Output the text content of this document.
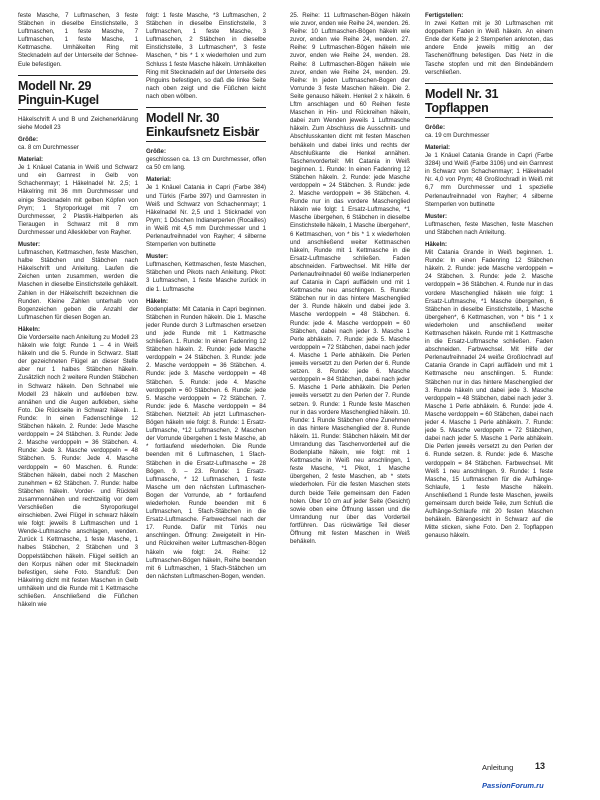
feste Masche, 7 Luftmaschen, 3 feste Stäbchen in dieselbe Einstichstelle, 3 Luftmaschen, 1 feste Masche, 7 Luftmaschen, 1 feste Masche, 1 Kettmasche. Umhäkelten Ring mit Stecknadeln auf der Unterseite der Schnee-Eule befestigen.

Modell Nr. 29
Pinguin-Kugel

Häkelschrift A und B und Zeichenerklärung siehe Modell 23

Größe:

ca. 8 cm Durchmesser

Material:

Je 1 Knäuel Catania in Weiß und Schwarz und ein Garnrest in Gelb von Schachenmayr; 1 Häkelnadel Nr. 2,5; 1 Häkelring mit 36 mm Durchmesser und einige Stecknadeln mit gelben Köpfen von Prym; 1 Styroporkugel mit 7 cm Durchmesser, 2 Plastik-Halbperlen als Tieraugen in Schwarz mit 8 mm Durchmesser und Alleskleber von Rayher.

Muster:

Luftmaschen, Kettmaschen, feste Maschen, halbe Stäbchen und Stäbchen nach Häkelschrift und Anleitung. Laufen die Zeichen unten zusammen, werden die Maschen in dieselbe Einstichstelle gehäkelt. Zahlen in der Häkelschrift bezeichnen die Runden. Kleine Zahlen unterhalb von Bogenzeichen geben die Anzahl der Luftmaschen für diesen Bogen an.

Häkeln:

Die Vorderseite nach Anleitung zu Modell 23 häkeln wie folgt: Runde 1 – 4 in Weiß häkeln und die 5. Runde in Schwarz. Statt der gezeichneten Flügel an dieser Stelle aber nur 1 halbes Stäbchen häkeln. Zusätzlich noch 2 weitere Runden Stäbchen in Schwarz häkeln. Den Schnabel wie Modell 23 häkeln und aufkleben bzw. annähen und die Augen aufkleben, siehe Foto. Die Rückseite in Schwarz häkeln. 1. Runde: In einen Fadenschlinge 12 Stäbchen häkeln. 2. Runde: Jede Masche verdoppeln = 24 Stäbchen. 3. Runde: Jede 2. Masche verdoppeln = 36 Stäbchen. 4. Runde: Jede 3. Masche verdoppeln = 48 Stäbchen. 5. Runde: Jede 4. Masche verdoppeln = 60 Maschen. 6. Runde: Stäbchen häkeln, dabei noch 2 Maschen zunehmen = 62 Stäbchen. 7. Runde: halbe Stäbchen häkeln. Vorder- und Rückteil zusammennähen und rechtzeitig vor dem Verschließen die Styroporkugel einschieben. Zwei Flügel in schwarz häkeln wie folgt: jeweils 8 Luftmaschen und 1 Wende-Luftmasche anschlagen, wenden. Zurück 1 Kettmasche, 1 feste Masche, 1 halbes Stäbchen, 2 Stäbchen und 3 Doppelstäbchen häkeln. Flügel seitlich an den Korpus nähen oder mit Stecknadeln befestigen, siehe Foto. Standfuß: Den Häkelring dicht mit festen Maschen in Gelb umhäkeln und die Runde mit 1 Kettmasche schließen. Anschließend die Füßchen häkeln wie

folgt: 1 feste Masche, *3 Luftmaschen, 2 Stäbchen in dieselbe Einstichstelle, 3 Luftmaschen, 1 feste Masche, 3 Luftmaschen, 2 Stäbchen in dieselbe Einstichstelle, 3 Luftmaschen*, 3 feste Maschen, * bis * 1 x wiederholen und zum Schluss 1 feste Masche häkeln. Umhäkelten Ring mit Stecknadeln auf der Unterseite des Pinguins befestigen, so daß die linke Seite nach oben zeigt und die Füßchen leicht nach oben wölben.

Modell Nr. 30
Einkaufsnetz Eisbär
Größe:

geschlossen ca. 13 cm Durchmesser, offen ca 50 cm lang.

Material:

Je 1 Knäuel Catania in Capri (Farbe 384) und Türkis (Farbe 397) und Garnresten in Weiß und Schwarz von Schachenmayr; 1 Häkelnadel Nr. 2,5 und 1 Sticknadel von Prym; 1 Döschen Indianerperlen (Rocailles) in Weiß mit 4,5 mm Durchmesser und 1 Perlenaufreihnadel von Rayher; 4 silberne Sternperlen von buttinette

Muster:

Luftmaschen, Kettmaschen, feste Maschen, Stäbchen und Pikots nach Anleitung. Pikot: 3 Luftmaschen, 1 feste Masche zurück in die 1. Luftmasche

Häkeln:

Bodenplatte: Mit Catania in Capri beginnen. Stäbchen in Runden häkeln. Die 1. Masche jeder Runde durch 3 Luftmaschen ersetzen und jede Runde mit 1 Kettmasche schließen. 1. Runde: In einen Fadenring 12 Stäbchen häkeln. 2. Runde: jede Masche verdoppeln = 24 Stäbchen. 3. Runde: jede 2. Masche verdoppeln = 36 Stäbchen. 4. Runde: jede 3. Masche verdoppeln = 48 Stäbchen. 5. Runde: jede 4. Masche verdoppeln = 60 Stäbchen. 6. Runde: jede 5. Masche verdoppeln = 72 Stäbchen. 7. Runde: jede 6. Masche verdoppeln = 84 Stäbchen. Netzteil: Ab jetzt Luftmaschen-Bögen häkeln wie folgt: 8. Runde: 1 Ersatz-Luftmasche, *12 Luftmaschen, 2 Maschen der Vorrunde übergehen 1 feste Masche, ab * fortlaufend wiederholen. Die Runde beenden mit 6 Luftmaschen, 1 5fach-Stäbchen in die Ersatz-Luftmasche = 28 Bögen. 9. – 23. Runde: 1 Ersatz-Luftmasche, * 12 Luftmaschen, 1 feste Masche um den nächsten Luftmaschen-Bogen der Vorrunde, ab * fortlaufend wiederholen. Runde beenden mit 6 Luftmaschen, 1 5fach-Stäbchen in die Ersatz-Luftmasche. Farbwechsel nach der 17. Runde. Dafür mit Türkis neu anschlingen. Öffnung: Zweigeteilt in Hin- und Rückreihen weiter Luftmaschen-Bögen häkeln wie folgt: 24. Reihe: 12 Luftmaschen-Bögen häkeln, Reihe beenden mit 6 Luftmaschen, 1 5fach-Stäbchen um den nächsten Luftmaschen-Bogen, wenden.

25. Reihe: 11 Luftmaschen-Bögen häkeln wie zuvor, enden wie Reihe 24, wenden. 26. Reihe: 10 Luftmaschen-Bögen häkeln wie zuvor, enden wie Reihe 24, wenden. 27. Reihe: 9 Luftmaschen-Bögen häkeln wie zuvor, enden wie Reihe 24, wenden. 28. Reihe: 8 Luftmaschen-Bögen häkeln wie zuvor, enden wie Reihe 24, wenden. 29. Reihe: In jeden Luftmaschen-Bogen der Vorrunde 3 feste Maschen häkeln. Die 2. Seite genauso häkeln. Henkel 2 x häkeln. 6 Lftm anschlagen und 60 Reihen feste Maschen in Hin- und Rückreihen häkeln, dabei zum Wenden jeweils 1 Luftmasche häkeln. Zum Abschluss die Ausschnitt- und Abschlusskanten dicht mit festen Maschen behäkeln und dabei links und rechts der Abschlußkante die Henkel annähen. Taschenvorderteil: Mit Catania in Weiß beginnen. 1. Runde: In einen Fadenring 12 Stäbchen häkeln. 2. Runde: jede Masche verdoppeln = 24 Stäbchen. 3. Runde: jede 2. Masche verdoppeln = 36 Stäbchen. 4. Runde nur in das vordere Maschenglied häkeln wie folgt: 1 Ersatz-Luftmasche, *1 Masche übergehen, 6 Stäbchen in dieselbe Einstichstelle häkeln, 1 Masche übergehen*, 6 Kettmaschen, von * bis * 1 x wiederholen und anschließend weiter Kettmaschen häkeln, Runde mit 1 Kettmasche in die Ersatz-Luftmasche schließen. Faden abschneiden. Farbwechsel. Mit Hilfe der Perlenaufreihnadel 60 weiße Indianerperlen auf Catania in Capri auffädeln und mit 1 Kettmasche neu anschlingen. 5. Runde: Stäbchen nur in das hintere Maschenglied der 3. Runde häkeln und dabei jede 3. Masche verdoppeln = 48 Stäbchen. 6. Runde: jede 4. Masche verdoppeln = 60 Stäbchen, dabei nach jeder 3. Masche 1 Perle abhäkeln. 7. Runde: jede 5. Masche verdoppeln = 72 Stäbchen, dabei nach jeder 4. Masche 1 Perle abhäkeln. Die Perlen jeweils versetzt zu den Perlen der 6. Runde setzen. 8. Runde: jede 6. Masche verdoppeln = 84 Stäbchen, dabei nach jeder 5. Masche 1 Perle abhäkeln. Die Perlen jeweils versetzt zu den Perlen der 7. Runde setzen. 9. Runde: 1 Runde feste Maschen nur in das vordere Maschenglied häkeln. 10. Runde: 1 Runde Stäbchen ohne Zunehmen in das hintere Maschenglied der 8. Runde häkeln. 11. Runde: Stäbchen häkeln. Mit der Umrandung das Taschenvorderteil auf die Bodenplatte häkeln, wie folgt: mit 1 Kettmasche in Weiß neu anschlingen, 1 feste Masche, *1 Pikot, 1 Masche übergehen, 2 feste Maschen, ab * stets wiederholen. Für die festen Maschen stets durch beide Teile gemeinsam den Faden holen. Über 10 cm auf jeder Seite (Gesicht) sowie oben eine Öffnung lassen und die Umrandung nur über das Vorderteil fortführen. Das rückwärtige Teil dieser Öffnung mit festen Maschen in Weiß behäkeln.

Fertigstellen:

In zwei Ketten mit je 30 Luftmaschen mit doppeltem Faden in Weiß häkeln. An einem Ende der Kette je 2 Sternperlen anknoten, das andere Ende jeweils mittig an der Taschenöffnung befestigen. Das Netz in die Tasche stopfen und mit den Bindebändern verschließen.

Modell Nr. 31
Topflappen
Größe:

ca. 19 cm Durchmesser

Material:

Je 1 Knäuel Catania Grande in Capri (Farbe 3284) und Weiß (Farbe 3106) und ein Garnrest in Schwarz von Schachenmayr; 1 Häkelnadel Nr. 4,0 von Prym; 48 Großlochradl in Weiß mit 6,7 mm Durchmesser und 1 spezielle Perlenaufreihnadel von Rayher; 4 silberne Sternperlen von buttinette

Muster:

Luftmaschen, feste Maschen, feste Maschen und Stäbchen nach Anleitung.

Häkeln:

Mit Catania Grande in Weiß beginnen. 1. Runde: In einen Fadenring 12 Stäbchen häkeln. 2. Runde: jede Masche verdoppeln = 24 Stäbchen. 3. Runde: jede 2. Masche verdoppeln = 36 Stäbchen. 4. Runde nur in das vordere Maschenglied häkeln wie folgt: 1 Ersatz-Luftmasche, *1 Masche übergehen, 6 Stäbchen in dieselbe Einstichstelle, 1 Masche übergehen*, 6 Kettmaschen, von * bis * 1 x wiederholen und anschließend weiter Kettmaschen häkeln. Runde mit 1 Kettmasche in die Ersatz-Luftmasche schließen. Faden abschneiden. Farbwechsel. Mit Hilfe der Perlenaufreihnadel 24 weiße Großlochradl auf Catania Grande in Capri auffädeln und mit 1 Kettmasche neu anschlingen. 5. Runde: Stäbchen nur in das hintere Maschenglied der 3. Runde häkeln und dabei jede 3. Masche verdoppeln = 48 Stäbchen, dabei nach jeder 3. Masche 1 Perle abhäkeln. 6. Runde: jede 4. Masche verdoppeln = 60 Stäbchen, dabei nach jeder 4. Masche 1 Perle abhäkeln. 7. Runde: jede 5. Masche verdoppeln = 72 Stäbchen, dabei nach jeder 5. Masche 1 Perle abhäkeln. Die Perlen jeweils versetzt zu den Perlen der 6. Runde setzen. 8. Runde: jede 6. Masche verdoppeln = 84 Stäbchen. Farbwechsel. Mit Weiß 1 neu anschlingen. 9. Runde: 1 feste Masche, 15 Luftmaschen für die Aufhänge-Schlaufe, 1 feste Masche häkeln. Anschließend 1 Runde feste Maschen, jeweils gemeinsam durch beide Teile, zum Schluß die Aufhänge-Schlaufe mit 20 festen Maschen behäkeln. Bärengesicht in Schwarz auf die Mitte sticken, siehe Foto. Den 2. Topflappen genauso häkeln.

Anleitung 13
PassionForum.ru
